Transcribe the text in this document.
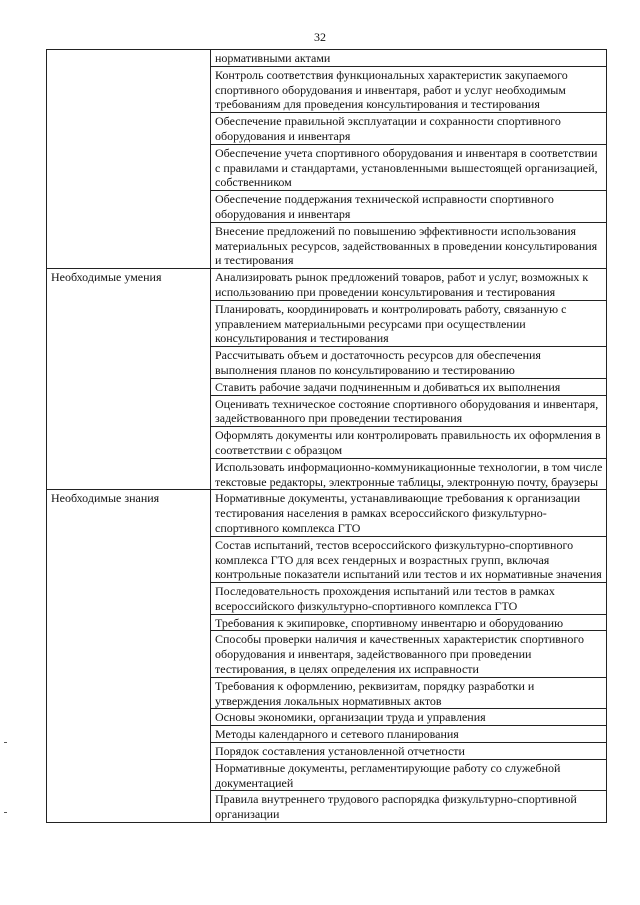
32
	нормативными актами
	Контроль соответствия функциональных характеристик закупаемого спортивного оборудования и инвентаря, работ и услуг необходимым требованиям для проведения консультирования и тестирования
	Обеспечение правильной эксплуатации и сохранности спортивного оборудования и инвентаря
	Обеспечение учета спортивного оборудования и инвентаря в соответствии с правилами и стандартами, установленными вышестоящей организацией, собственником
	Обеспечение поддержания технической исправности спортивного оборудования и инвентаря
	Внесение предложений по повышению эффективности использования материальных ресурсов, задействованных в проведении консультирования и тестирования
Необходимые умения	Анализировать рынок предложений товаров, работ и услуг, возможных к использованию при проведении консультирования и тестирования
	Планировать, координировать и контролировать работу, связанную с управлением материальными ресурсами при осуществлении консультирования и тестирования
	Рассчитывать объем и достаточность ресурсов для обеспечения выполнения планов по консультированию и тестированию
	Ставить рабочие задачи подчиненным и добиваться их выполнения
	Оценивать техническое состояние спортивного оборудования и инвентаря, задействованного при проведении тестирования
	Оформлять документы или контролировать правильность их оформления в соответствии с образцом
	Использовать информационно-коммуникационные технологии, в том числе текстовые редакторы, электронные таблицы, электронную почту, браузеры
Необходимые знания	Нормативные документы, устанавливающие требования к организации тестирования населения в рамках всероссийского физкультурно-спортивного комплекса ГТО
	Состав испытаний, тестов всероссийского физкультурно-спортивного комплекса ГТО для всех гендерных и возрастных групп, включая контрольные показатели испытаний или тестов и их нормативные значения
	Последовательность прохождения испытаний или тестов в рамках всероссийского физкультурно-спортивного комплекса ГТО
	Требования к экипировке, спортивному инвентарю и оборудованию
	Способы проверки наличия и качественных характеристик спортивного оборудования и инвентаря, задействованного при проведении тестирования, в целях определения их исправности
	Требования к оформлению, реквизитам, порядку разработки и утверждения локальных нормативных актов
	Основы экономики, организации труда и управления
	Методы календарного и сетевого планирования
	Порядок составления установленной отчетности
	Нормативные документы, регламентирующие работу со служебной документацией
	Правила внутреннего трудового распорядка физкультурно-спортивной организации
